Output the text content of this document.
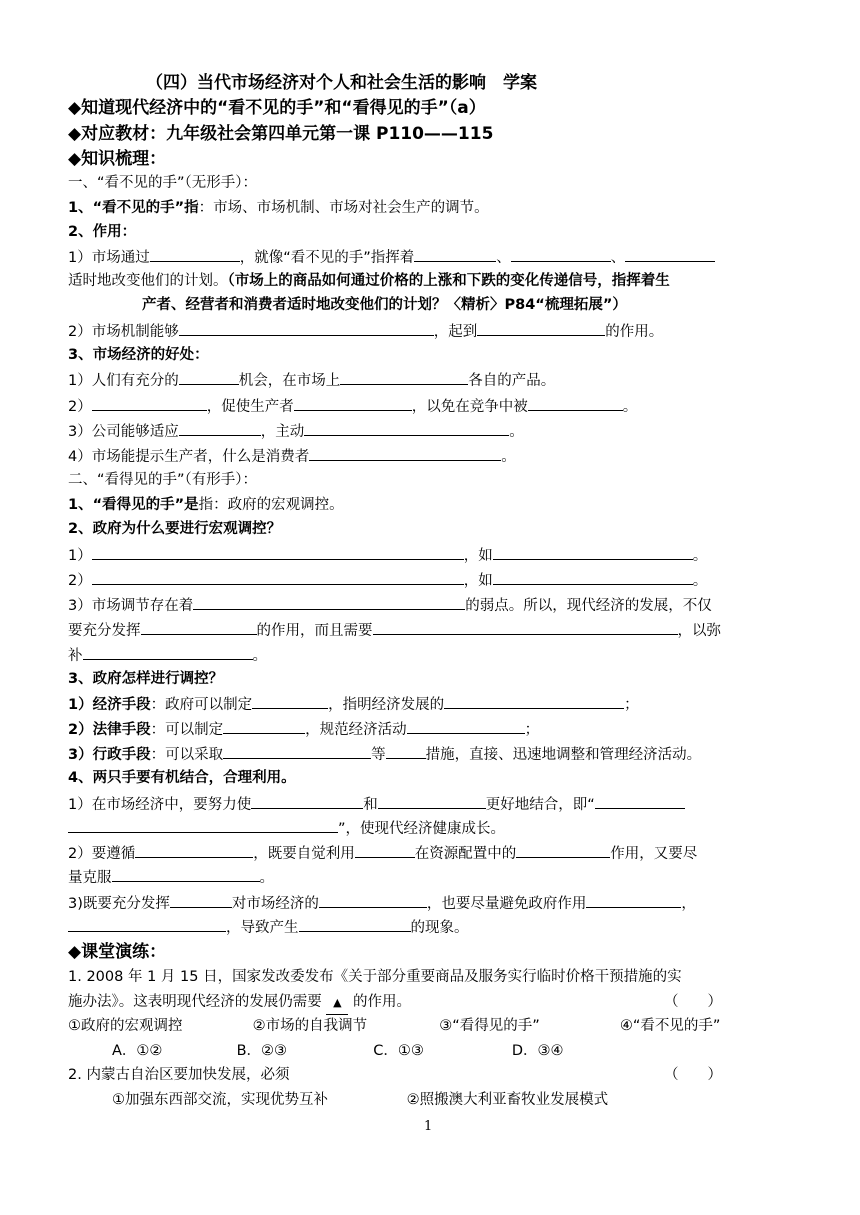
（四）当代市场经济对个人和社会生活的影响　学案
◆知道现代经济中的“看不见的手”和“看得见的手”（a）
◆对应教材：九年级社会第四单元第一课 P110——115
◆知识梳理：
一、“看不见的手”（无形手）：
1、“看不见的手”指：市场、市场机制、市场对社会生产的调节。
2、作用：
1）市场通过	，就像“看不见的手”指挥着	、	、
适时地改变他们的计划。（市场上的商品如何通过价格的上涨和下跌的变化传递信号，指挥着生
产者、经营者和消费者适时地改变他们的计划？〈精析〉P84“梳理拓展”）
2）市场机制能够	，起到	的作用。
3、市场经济的好处：
1）人们有充分的	机会，在市场上	各自的产品。
2）	，促使生产者	，以免在竞争中被	。
3）公司能够适应	，主动	。
4）市场能提示生产者，什么是消费者	。
二、“看得见的手”（有形手）：
1、“看得见的手”是指：政府的宏观调控。
2、政府为什么要进行宏观调控？
1）	，如	。
2）	，如	。
3）市场调节存在着	的弱点。所以，现代经济的发展，不仅
要充分发挥	的作用，而且需要	，以弥
补	。
3、政府怎样进行调控？
1）经济手段：政府可以制定	，指明经济发展的	；
2）法律手段：可以制定	，规范经济活动	；
3）行政手段：可以采取	等	措施，直接、迅速地调整和管理经济活动。
4、两只手要有机结合，合理利用。
1）在市场经济中，要努力使	和	更好地结合，即“
”，使现代经济健康成长。
2）要遵循	，既要自觉利用	在资源配置中的	作用，又要尽
量克服	。
3)既要充分发挥	对市场经济的	，也要尽量避免政府作用	，
，导致产生	的现象。
◆课堂演练：
1. 2008 年 1 月 15 日，国家发改委发布《关于部分重要商品及服务实行临时价格干预措施的实
施办法》。这表明现代经济的发展仍需要 ▲ 的作用。	（　　）
①政府的宏观调控	②市场的自我调节	③“看得见的手”	④“看不见的手”
A．①②	B．②③	C．①③	D．③④
2. 内蒙古自治区要加快发展，必须	（　　）
①加强东西部交流，实现优势互补	②照搬澳大利亚畜牧业发展模式
1
